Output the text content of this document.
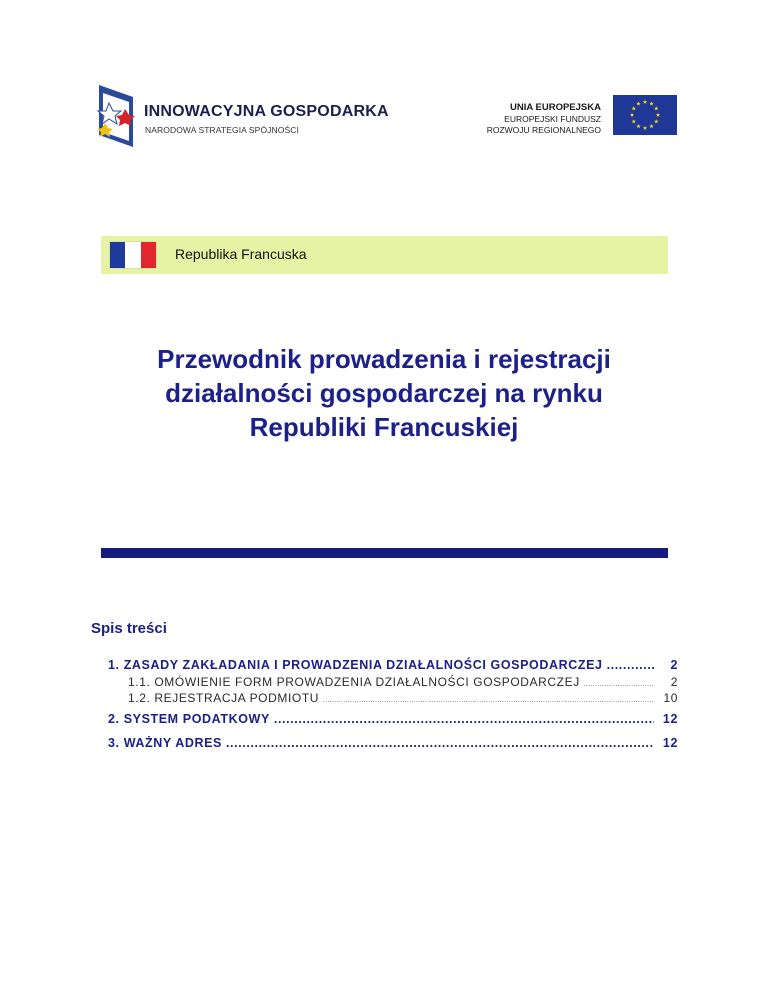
INNOWACYJNA GOSPODARKA
NARODOWA STRATEGIA SPÓJNOŚCI
UNIA EUROPEJSKA
EUROPEJSKI FUNDUSZ
ROZWOJU REGIONALNEGO
Republika Francuska
Przewodnik prowadzenia i rejestracji
działalności gospodarczej na rynku
Republiki Francuskiej
Spis treści
1. ZASADY ZAKŁADANIA I PROWADZENIA DZIAŁALNOŚCI GOSPODARCZEJ .....	2
1.1. OMÓWIENIE FORM PROWADZENIA DZIAŁALNOŚCI GOSPODARCZEJ .....	2
1.2. REJESTRACJA PODMIOTU .....	10
2. SYSTEM PODATKOWY .....	12
3. WAŻNY ADRES .....	12
